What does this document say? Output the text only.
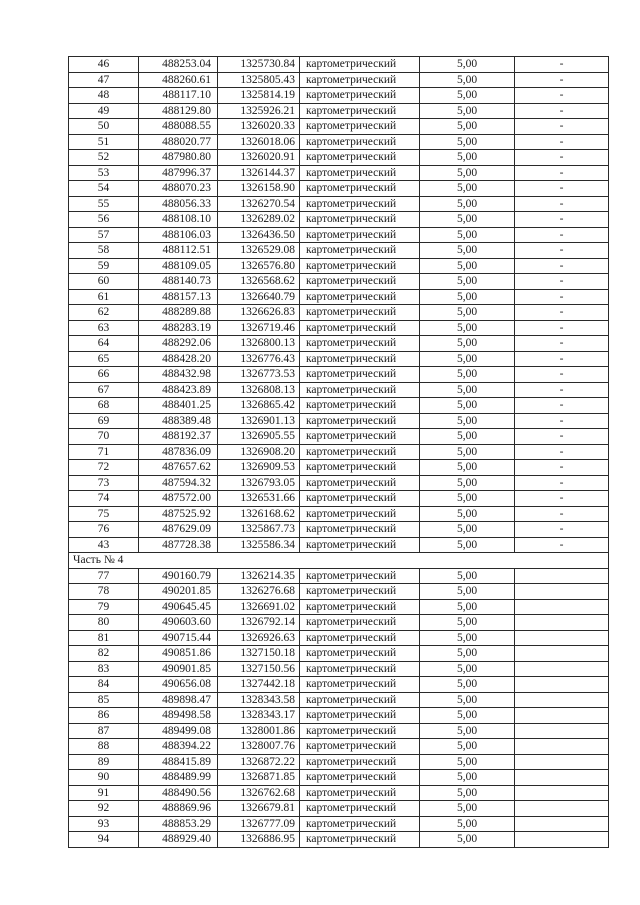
46	488253.04	1325730.84	картометрический	5,00	-
47	488260.61	1325805.43	картометрический	5,00	-
48	488117.10	1325814.19	картометрический	5,00	-
49	488129.80	1325926.21	картометрический	5,00	-
50	488088.55	1326020.33	картометрический	5,00	-
51	488020.77	1326018.06	картометрический	5,00	-
52	487980.80	1326020.91	картометрический	5,00	-
53	487996.37	1326144.37	картометрический	5,00	-
54	488070.23	1326158.90	картометрический	5,00	-
55	488056.33	1326270.54	картометрический	5,00	-
56	488108.10	1326289.02	картометрический	5,00	-
57	488106.03	1326436.50	картометрический	5,00	-
58	488112.51	1326529.08	картометрический	5,00	-
59	488109.05	1326576.80	картометрический	5,00	-
60	488140.73	1326568.62	картометрический	5,00	-
61	488157.13	1326640.79	картометрический	5,00	-
62	488289.88	1326626.83	картометрический	5,00	-
63	488283.19	1326719.46	картометрический	5,00	-
64	488292.06	1326800.13	картометрический	5,00	-
65	488428.20	1326776.43	картометрический	5,00	-
66	488432.98	1326773.53	картометрический	5,00	-
67	488423.89	1326808.13	картометрический	5,00	-
68	488401.25	1326865.42	картометрический	5,00	-
69	488389.48	1326901.13	картометрический	5,00	-
70	488192.37	1326905.55	картометрический	5,00	-
71	487836.09	1326908.20	картометрический	5,00	-
72	487657.62	1326909.53	картометрический	5,00	-
73	487594.32	1326793.05	картометрический	5,00	-
74	487572.00	1326531.66	картометрический	5,00	-
75	487525.92	1326168.62	картометрический	5,00	-
76	487629.09	1325867.73	картометрический	5,00	-
43	487728.38	1325586.34	картометрический	5,00	-
Часть № 4					
77	490160.79	1326214.35	картометрический	5,00	
78	490201.85	1326276.68	картометрический	5,00	
79	490645.45	1326691.02	картометрический	5,00	
80	490603.60	1326792.14	картометрический	5,00	
81	490715.44	1326926.63	картометрический	5,00	
82	490851.86	1327150.18	картометрический	5,00	
83	490901.85	1327150.56	картометрический	5,00	
84	490656.08	1327442.18	картометрический	5,00	
85	489898.47	1328343.58	картометрический	5,00	
86	489498.58	1328343.17	картометрический	5,00	
87	489499.08	1328001.86	картометрический	5,00	
88	488394.22	1328007.76	картометрический	5,00	
89	488415.89	1326872.22	картометрический	5,00	
90	488489.99	1326871.85	картометрический	5,00	
91	488490.56	1326762.68	картометрический	5,00	
92	488869.96	1326679.81	картометрический	5,00	
93	488853.29	1326777.09	картометрический	5,00	
94	488929.40	1326886.95	картометрический	5,00	
